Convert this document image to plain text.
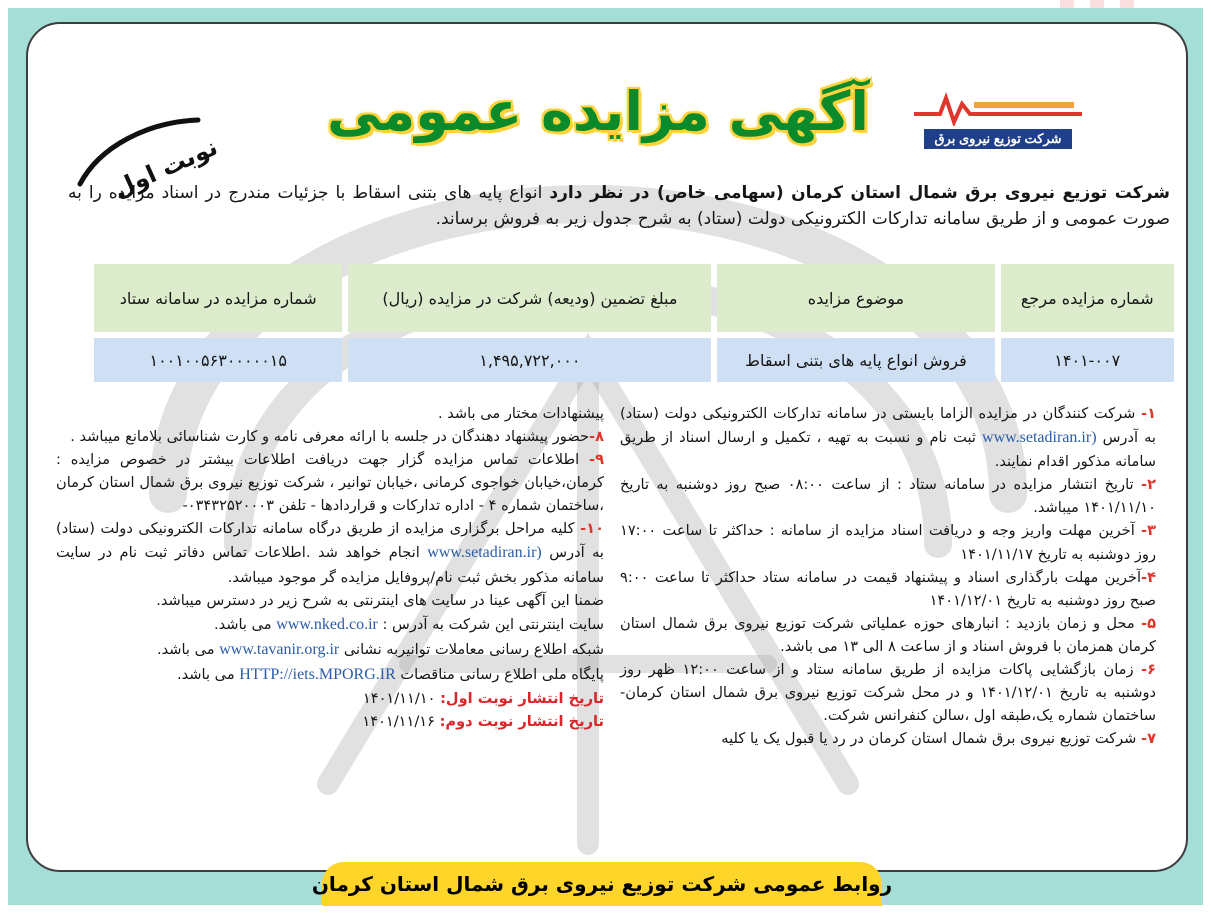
شرکت توزیع نیروی برق
آگهی مزایده عمومی
نوبت اول	شرکت توزیع نیروی برق شمال استان کرمان (سهامی خاص) در نظر دارد انواع پایه های بتنی اسقاط با جزئیات مندرج در اسناد مزایده را به صورت عمومی و از طریق سامانه تدارکات الکترونیکی دولت (ستاد) به شرح جدول زیر به فروش برساند.
شماره مزایده مرجع	موضوع مزایده	مبلغ تضمین (ودیعه) شرکت در مزایده (ریال)	شماره مزایده در سامانه ستاد
۱۴۰۱-۰۰۷	فروش انواع پایه های بتنی اسقاط	۱,۴۹۵,۷۲۲,۰۰۰	۱۰۰۱۰۰۵۶۳۰۰۰۰۰۱۵

۱- شرکت کنندگان در مزایده الزاما بایستی در سامانه تدارکات الکترونیکی دولت (ستاد) به آدرس (www.setadiran.ir ثبت نام و نسبت به تهیه ، تکمیل و ارسال اسناد از طریق سامانه مذکور اقدام نمایند.

۲- تاریخ انتشار مزایده در سامانه ستاد : از ساعت ۰۸:۰۰ صبح روز دوشنبه به تاریخ ۱۴۰۱/۱۱/۱۰ میباشد.

۳- آخرین مهلت واریز وجه و دریافت اسناد مزایده از سامانه : حداکثر تا ساعت ۱۷:۰۰ روز دوشنبه به تاریخ ۱۴۰۱/۱۱/۱۷

۴-آخرین مهلت بارگذاری اسناد و پیشنهاد قیمت در سامانه ستاد حداکثر تا ساعت ۹:۰۰ صبح روز دوشنبه به تاریخ ۱۴۰۱/۱۲/۰۱

۵- محل و زمان بازدید : انبارهای حوزه عملیاتی شرکت توزیع نیروی برق شمال استان کرمان همزمان با فروش اسناد و از ساعت ۸ الی ۱۳ می باشد.

۶- زمان بازگشایی پاکات مزایده از طریق سامانه ستاد و از ساعت ۱۲:۰۰ ظهر روز دوشنبه به تاریخ ۱۴۰۱/۱۲/۰۱ و در محل شرکت توزیع نیروی برق شمال استان کرمان-ساختمان شماره یک،طبقه اول ،سالن کنفرانس شرکت.

۷- شرکت توزیع نیروی برق شمال استان کرمان در رد یا قبول یک یا کلیه

پیشنهادات مختار می باشد .

۸-حضور پیشنهاد دهندگان در جلسه با ارائه معرفی نامه و کارت شناسائی بلامانع میباشد .

۹- اطلاعات تماس مزایده گزار جهت دریافت اطلاعات بیشتر در خصوص مزایده : کرمان،خیابان خواجوی کرمانی ،خیابان توانیر ، شرکت توزیع نیروی برق شمال استان کرمان ،ساختمان شماره ۴ - اداره تدارکات و قراردادها - تلفن ۰۳۴۳۲۵۲۰۰۰۳-

۱۰- کلیه مراحل برگزاری مزایده از طریق درگاه سامانه تدارکات الکترونیکی دولت (ستاد) به آدرس (www.setadiran.ir انجام خواهد شد .اطلاعات تماس دفاتر ثبت نام در سایت سامانه مذکور بخش ثبت نام/پروفایل مزایده گر موجود میباشد.

ضمنا این آگهی عینا در سایت های اینترنتی به شرح زیر در دسترس میباشد.

سایت اینترنتی این شرکت به آدرس : www.nked.co.ir می باشد.

شبکه اطلاع رسانی معاملات توانیربه نشانی www.tavanir.org.ir می باشد.

پایگاه ملی اطلاع رسانی مناقصات HTTP://iets.MPORG.IR می باشد.

تاریخ انتشار نوبت اول: ۱۴۰۱/۱۱/۱۰

تاریخ انتشار نوبت دوم: ۱۴۰۱/۱۱/۱۶

روابط عمومی شرکت توزیع نیروی برق شمال استان کرمان
